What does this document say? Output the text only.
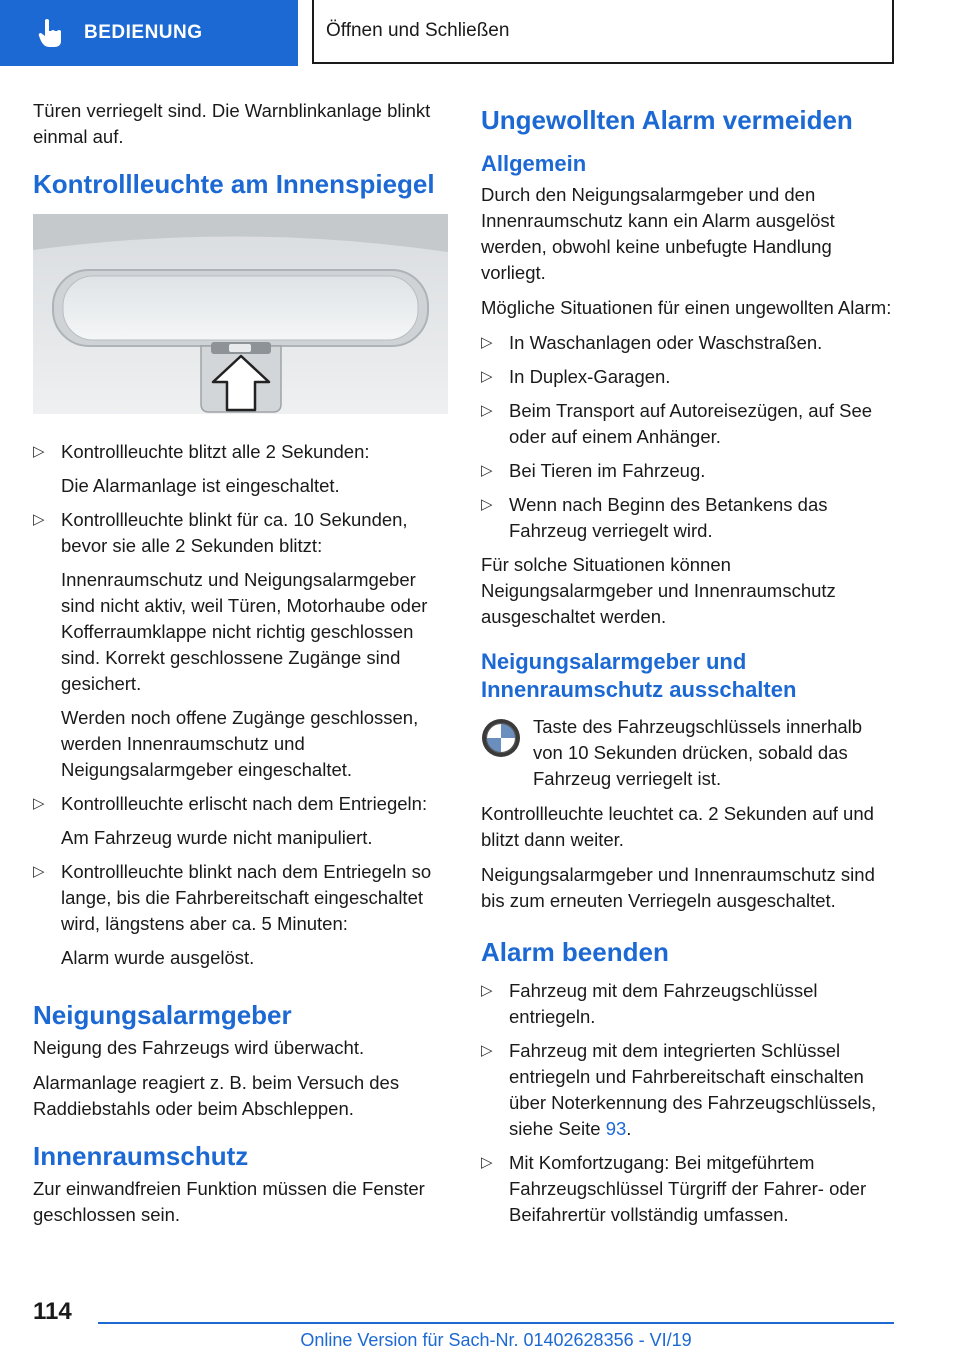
BEDIENUNG	Öffnen und Schließen

Türen verriegelt sind. Die Warnblinkanlage blinkt einmal auf.

Kontrollleuchte am Innenspiegel
▷ Kontrollleuchte blitzt alle 2 Sekunden:
Die Alarmanlage ist eingeschaltet.
▷ Kontrollleuchte blinkt für ca. 10 Sekunden, bevor sie alle 2 Sekunden blitzt:
Innenraumschutz und Neigungsalarmgeber sind nicht aktiv, weil Türen, Motorhaube oder Kofferraumklappe nicht richtig geschlossen sind. Korrekt geschlossene Zugänge sind gesichert.
Werden noch offene Zugänge geschlossen, werden Innenraumschutz und Neigungsalarmgeber eingeschaltet.
▷ Kontrollleuchte erlischt nach dem Entriegeln:
Am Fahrzeug wurde nicht manipuliert.
▷ Kontrollleuchte blinkt nach dem Entriegeln so lange, bis die Fahrbereitschaft eingeschaltet wird, längstens aber ca. 5 Minuten:
Alarm wurde ausgelöst.
Neigungsalarmgeber

Neigung des Fahrzeugs wird überwacht.

Alarmanlage reagiert z. B. beim Versuch des Raddiebstahls oder beim Abschleppen.

Innenraumschutz

Zur einwandfreien Funktion müssen die Fenster geschlossen sein.

Ungewollten Alarm vermeiden
Allgemein

Durch den Neigungsalarmgeber und den Innenraumschutz kann ein Alarm ausgelöst werden, obwohl keine unbefugte Handlung vorliegt.

Mögliche Situationen für einen ungewollten Alarm:

▷ In Waschanlagen oder Waschstraßen.
▷ In Duplex-Garagen.
▷ Beim Transport auf Autoreisezügen, auf See oder auf einem Anhänger.
▷ Bei Tieren im Fahrzeug.
▷ Wenn nach Beginn des Betankens das Fahrzeug verriegelt wird.

Für solche Situationen können Neigungsalarmgeber und Innenraumschutz ausgeschaltet werden.

Neigungsalarmgeber und Innenraumschutz ausschalten

Taste des Fahrzeugschlüssels innerhalb von 10 Sekunden drücken, sobald das Fahrzeug verriegelt ist.

Kontrollleuchte leuchtet ca. 2 Sekunden auf und blitzt dann weiter.

Neigungsalarmgeber und Innenraumschutz sind bis zum erneuten Verriegeln ausgeschaltet.

Alarm beenden
▷ Fahrzeug mit dem Fahrzeugschlüssel entriegeln.
▷ Fahrzeug mit dem integrierten Schlüssel entriegeln und Fahrbereitschaft einschalten über Noterkennung des Fahrzeugschlüssels, siehe Seite 93.
▷ Mit Komfortzugang: Bei mitgeführtem Fahrzeugschlüssel Türgriff der Fahrer- oder Beifahrertür vollständig umfassen.
114
Online Version für Sach-Nr. 01402628356 - VI/19
